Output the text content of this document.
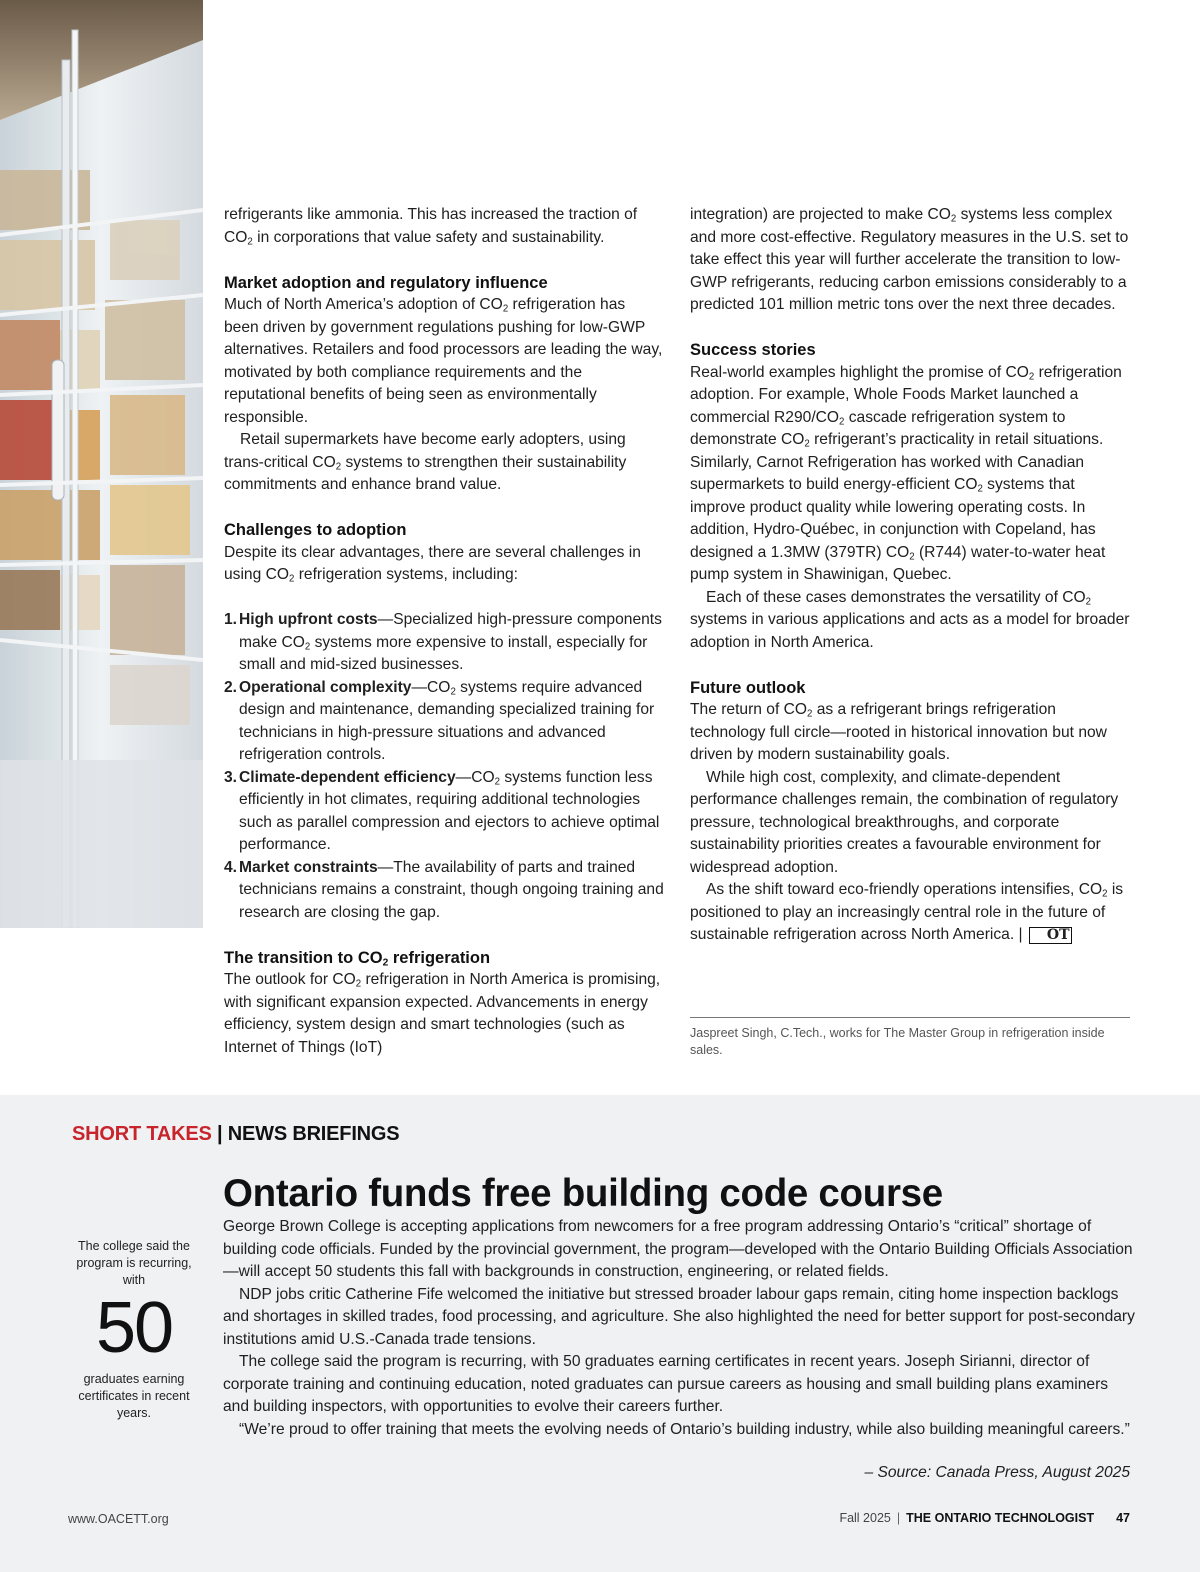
refrigerants like ammonia. This has increased the traction of $CO_2$ in corporations that value safety and sustainability.

Market adoption and regulatory influence

Much of North America’s adoption of $CO_2$ refrigeration has been driven by government regulations pushing for low-GWP alternatives. Retailers and food processors are leading the way, motivated by both compliance requirements and the reputational benefits of being seen as environmentally responsible.

Retail supermarkets have become early adopters, using trans-critical $CO_2$ systems to strengthen their sustainability commitments and enhance brand value.

Challenges to adoption

Despite its clear advantages, there are several challenges in using $CO_2$ refrigeration systems, including:

1. High upfront costs—Specialized high-pressure components make $CO_2$ systems more expensive to install, especially for small and mid-sized businesses.
2. Operational $complexity—CO_2$ systems require advanced design and maintenance, demanding specialized training for technicians in high-pressure situations and advanced refrigeration controls.
3. Climate-dependent $efficiency—CO_2$ systems function less efficiently in hot climates, requiring additional technologies such as parallel compression and ejectors to achieve optimal performance.
4. Market constraints—The availability of parts and trained technicians remains a constraint, though ongoing training and research are closing the gap.
The transition to $CO_2$ refrigeration

The outlook for $CO_2$ refrigeration in North America is promising, with significant expansion expected. Advancements in energy efficiency, system design and smart technologies (such as Internet of Things (IoT)

integration) are projected to make $CO_2$ systems less complex and more cost-effective. Regulatory measures in the U.S. set to take effect this year will further accelerate the transition to low-GWP refrigerants, reducing carbon emissions considerably to a predicted 101 million metric tons over the next three decades.

Success stories

Real-world examples highlight the promise of $CO_2$ refrigeration adoption. For example, Whole Foods Market launched a commercial $R290/CO_2$ cascade refrigeration system to demonstrate $CO_2$ refrigerant’s practicality in retail situations. Similarly, Carnot Refrigeration has worked with Canadian supermarkets to build energy-efficient $CO_2$ systems that improve product quality while lowering operating costs. In addition, Hydro-Québec, in conjunction with Copeland, has designed a 1.3MW (379TR) $CO_2$ (R744) water-to-water heat pump system in Shawinigan, Quebec.

Each of these cases demonstrates the versatility of $CO_2$ systems in various applications and acts as a model for broader adoption in North America.

Future outlook

The return of $CO_2$ as a refrigerant brings refrigeration technology full circle—rooted in historical innovation but now driven by modern sustainability goals.

While high cost, complexity, and climate-dependent performance challenges remain, the combination of regulatory pressure, technological breakthroughs, and corporate sustainability priorities creates a favourable environment for widespread adoption.

As the shift toward eco-friendly operations intensifies, $CO_2$ is positioned to play an increasingly central role in the future of sustainable refrigeration across North America. | OT

Jaspreet Singh, C.Tech., works for The Master Group in refrigeration inside sales.
SHORT TAKES | NEWS BRIEFINGS
Ontario funds free building code course
The college said the program is recurring, with
50
graduates earning certificates in recent years.

George Brown College is accepting applications from newcomers for a free program addressing Ontario’s “critical” shortage of building code officials. Funded by the provincial government, the program—developed with the Ontario Building Officials Association—will accept 50 students this fall with backgrounds in construction, engineering, or related fields.

NDP jobs critic Catherine Fife welcomed the initiative but stressed broader labour gaps remain, citing home inspection backlogs and shortages in skilled trades, food processing, and agriculture. She also highlighted the need for better support for post-secondary institutions amid U.S.-Canada trade tensions.

The college said the program is recurring, with 50 graduates earning certificates in recent years. Joseph Sirianni, director of corporate training and continuing education, noted graduates can pursue careers as housing and small building plans examiners and building inspectors, with opportunities to evolve their careers further.

“We’re proud to offer training that meets the evolving needs of Ontario’s building industry, while also building meaningful careers.”

– Source: Canada Press, August 2025
www.OACETT.org	Fall 2025 | THE ONTARIO TECHNOLOGIST 47
